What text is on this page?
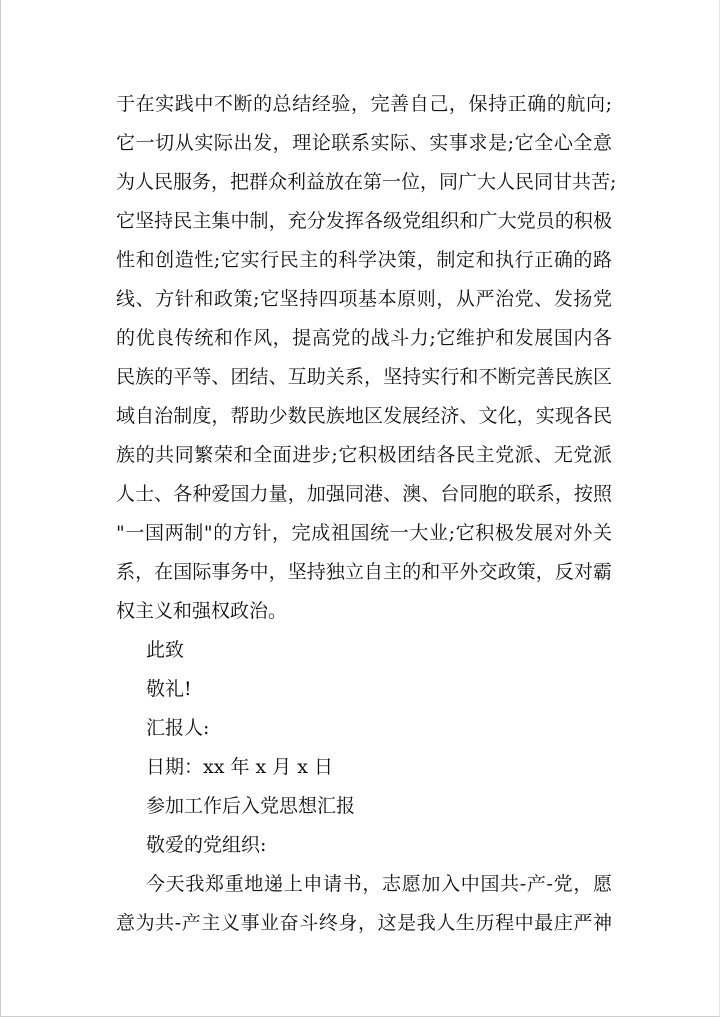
于在实践中不断的总结经验，完善自己，保持正确的航向;
它一切从实际出发，理论联系实际、实事求是;它全心全意
为人民服务，把群众利益放在第一位，同广大人民同甘共苦;
它坚持民主集中制，充分发挥各级党组织和广大党员的积极
性和创造性;它实行民主的科学决策，制定和执行正确的路
线、方针和政策;它坚持四项基本原则，从严治党、发扬党
的优良传统和作风，提高党的战斗力;它维护和发展国内各
民族的平等、团结、互助关系，坚持实行和不断完善民族区
域自治制度，帮助少数民族地区发展经济、文化，实现各民
族的共同繁荣和全面进步;它积极团结各民主党派、无党派
人士、各种爱国力量，加强同港、澳、台同胞的联系，按照
"一国两制"的方针，完成祖国统一大业;它积极发展对外关
系，在国际事务中，坚持独立自主的和平外交政策，反对霸
权主义和强权政治。
此致
敬礼!
汇报人:
日期：xx 年 x 月 x 日
参加工作后入党思想汇报
敬爱的党组织:
今天我郑重地递上申请书，志愿加入中国共-产-党，愿
意为共-产主义事业奋斗终身，这是我人生历程中最庄严神
